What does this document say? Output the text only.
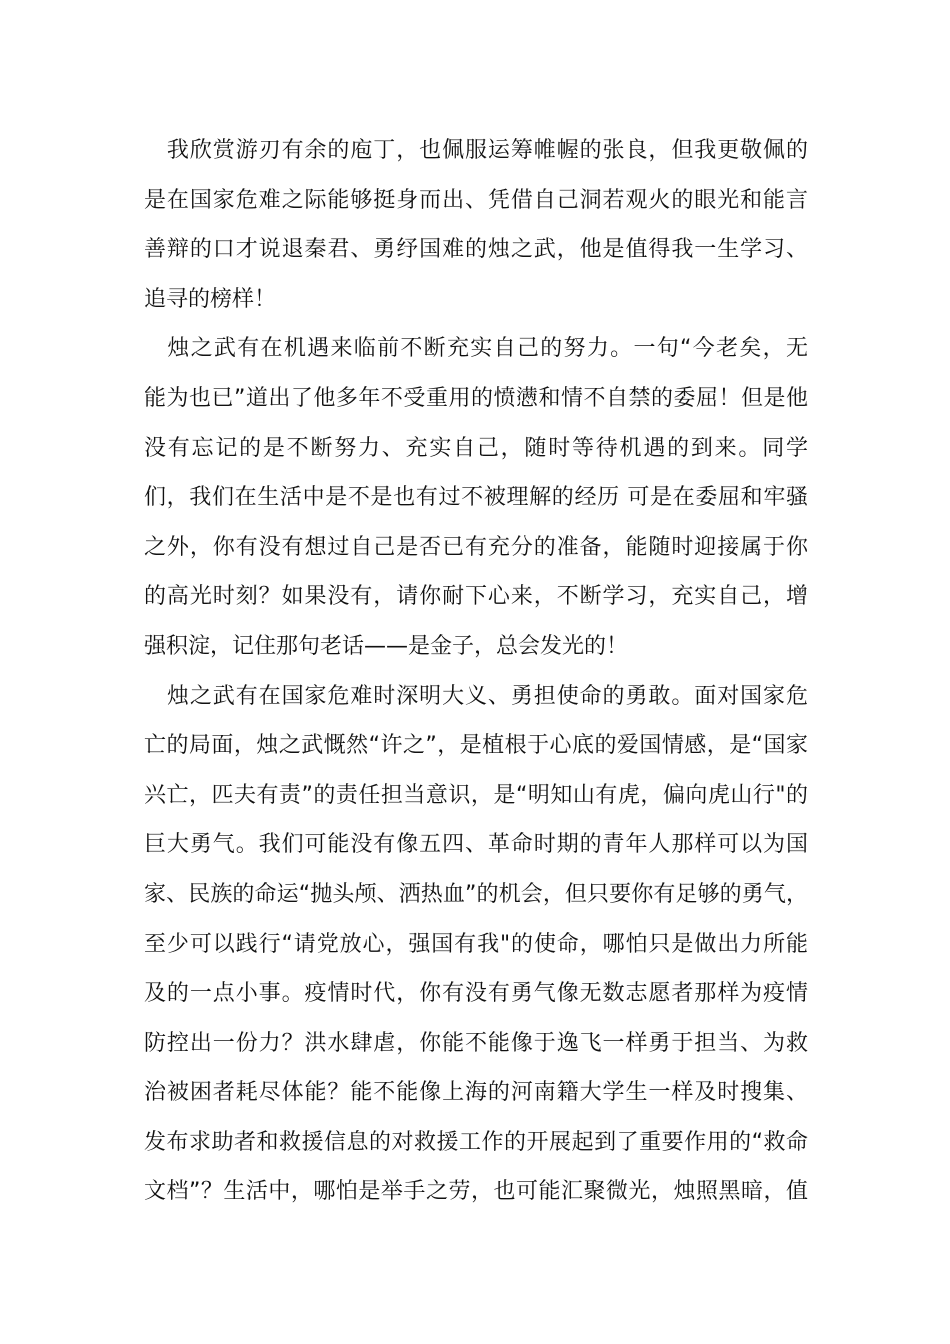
　我欣赏游刃有余的庖丁，也佩服运筹帷幄的张良，但我更敬佩的
是在国家危难之际能够挺身而出、凭借自己洞若观火的眼光和能言
善辩的口才说退秦君、勇纾国难的烛之武，他是值得我一生学习、
追寻的榜样！
　烛之武有在机遇来临前不断充实自己的努力。一句“今老矣，无
能为也已”道出了他多年不受重用的愤懑和情不自禁的委屈！但是他
没有忘记的是不断努力、充实自己，随时等待机遇的到来。同学
们，我们在生活中是不是也有过不被理解的经历 可是在委屈和牢骚
之外，你有没有想过自己是否已有充分的准备，能随时迎接属于你
的高光时刻？如果没有，请你耐下心来，不断学习，充实自己，增
强积淀，记住那句老话——是金子，总会发光的！
　烛之武有在国家危难时深明大义、勇担使命的勇敢。面对国家危
亡的局面，烛之武慨然“许之”，是植根于心底的爱国情感，是“国家
兴亡，匹夫有责”的责任担当意识，是“明知山有虎，偏向虎山行"的
巨大勇气。我们可能没有像五四、革命时期的青年人那样可以为国
家、民族的命运“抛头颅、洒热血”的机会，但只要你有足够的勇气，
至少可以践行“请党放心，强国有我"的使命，哪怕只是做出力所能
及的一点小事。疫情时代，你有没有勇气像无数志愿者那样为疫情
防控出一份力？洪水肆虐，你能不能像于逸飞一样勇于担当、为救
治被困者耗尽体能？能不能像上海的河南籍大学生一样及时搜集、
发布求助者和救援信息的对救援工作的开展起到了重要作用的“救命
文档”？生活中，哪怕是举手之劳，也可能汇聚微光，烛照黑暗，值
